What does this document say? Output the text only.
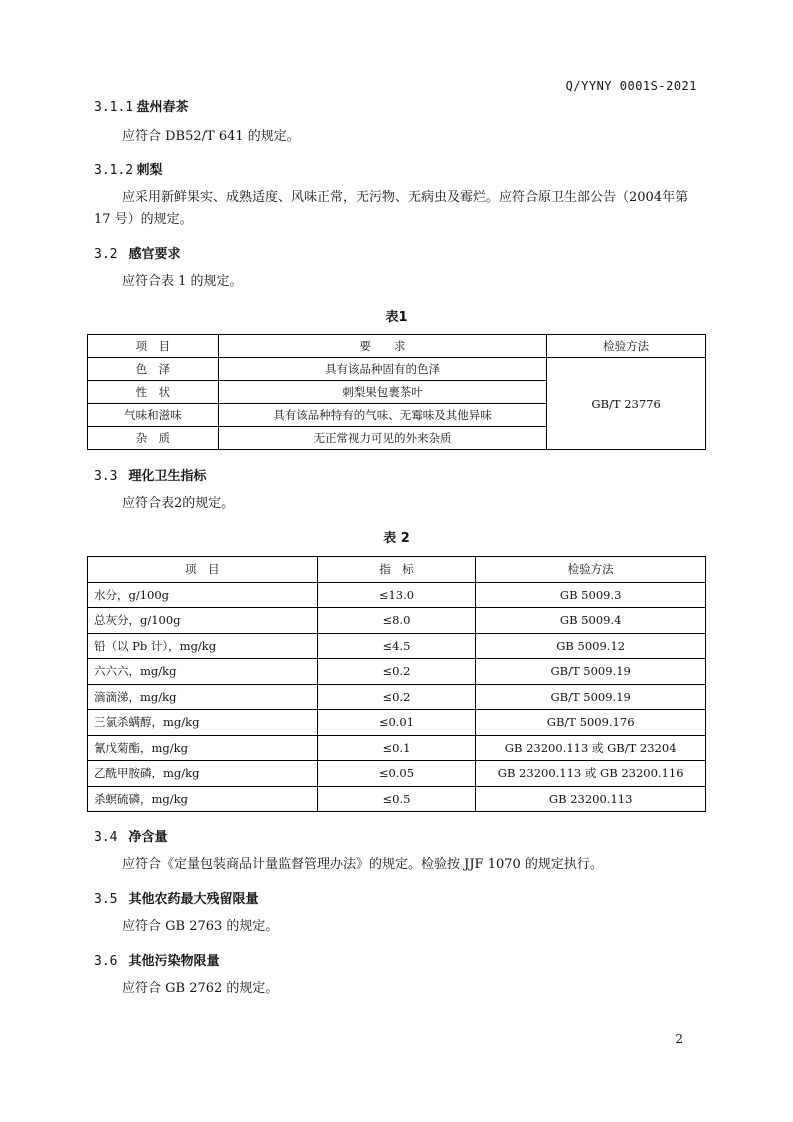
Q/YYNY 0001S-2021
3.1.1 盘州春茶
应符合 DB52/T 641 的规定。
3.1.2 刺梨
应采用新鲜果实、成熟适度、风味正常，无污物、无病虫及霉烂。应符合原卫生部公告（2004年第 17 号）的规定。
3.2 感官要求
应符合表 1 的规定。
表1
项　目	要　　求	检验方法
色　泽	具有该品种固有的色泽	GB/T 23776
性　状	刺梨果包裹茶叶	
气味和滋味	具有该品种特有的气味、无霉味及其他异味	
杂　质	无正常视力可见的外来杂质	
3.3 理化卫生指标
应符合表2的规定。
表 2
项　目	指　标	检验方法
水分，g/100g	≤13.0	GB 5009.3
总灰分，g/100g	≤8.0	GB 5009.4
铅（以 Pb 计），mg/kg	≤4.5	GB 5009.12
六六六，mg/kg	≤0.2	GB/T 5009.19
滴滴涕，mg/kg	≤0.2	GB/T 5009.19
三氯杀螨醇，mg/kg	≤0.01	GB/T 5009.176
氰戊菊酯，mg/kg	≤0.1	GB 23200.113 或 GB/T 23204
乙酰甲胺磷，mg/kg	≤0.05	GB 23200.113 或 GB 23200.116
杀螟硫磷，mg/kg	≤0.5	GB 23200.113
3.4 净含量
应符合《定量包装商品计量监督管理办法》的规定。检验按 JJF 1070 的规定执行。
3.5 其他农药最大残留限量
应符合 GB 2763 的规定。
3.6 其他污染物限量
应符合 GB 2762 的规定。
2
